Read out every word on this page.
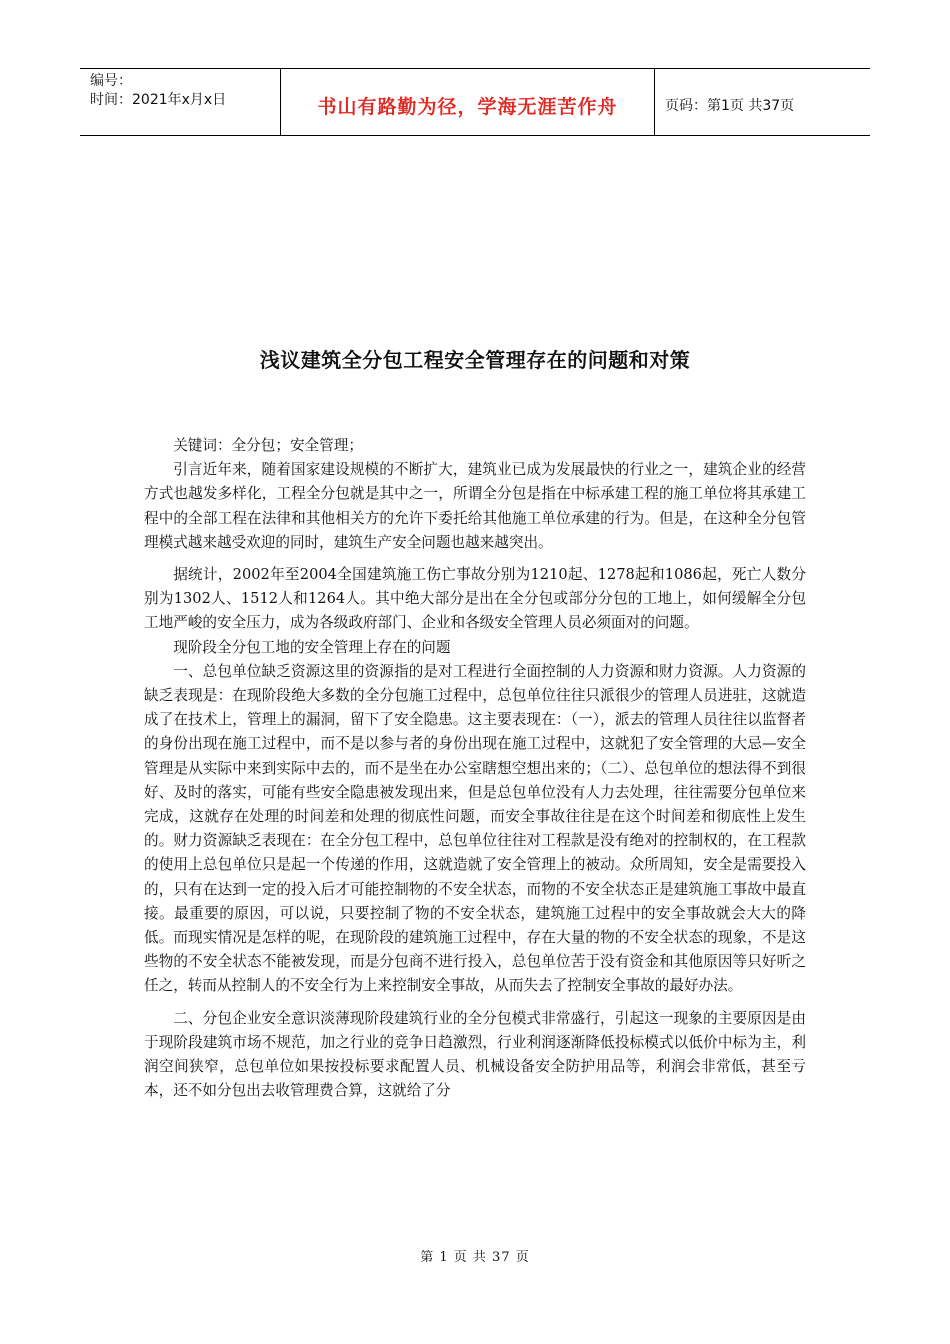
编号：
时间：2021年x月x日	书山有路勤为径，学海无涯苦作舟	页码：第1页 共37页
浅议建筑全分包工程安全管理存在的问题和对策

关键词：全分包；安全管理；

引言近年来，随着国家建设规模的不断扩大，建筑业已成为发展最快的行业之一，建筑企业的经营方式也越发多样化，工程全分包就是其中之一，所谓全分包是指在中标承建工程的施工单位将其承建工程中的全部工程在法律和其他相关方的允许下委托给其他施工单位承建的行为。但是，在这种全分包管理模式越来越受欢迎的同时，建筑生产安全问题也越来越突出。

据统计，2002年至2004全国建筑施工伤亡事故分别为1210起、1278起和1086起，死亡人数分别为1302人、1512人和1264人。其中绝大部分是出在全分包或部分分包的工地上，如何缓解全分包工地严峻的安全压力，成为各级政府部门、企业和各级安全管理人员必须面对的问题。

现阶段全分包工地的安全管理上存在的问题

一、总包单位缺乏资源这里的资源指的是对工程进行全面控制的人力资源和财力资源。人力资源的缺乏表现是：在现阶段绝大多数的全分包施工过程中，总包单位往往只派很少的管理人员进驻，这就造成了在技术上，管理上的漏洞，留下了安全隐患。这主要表现在：（一），派去的管理人员往往以监督者的身份出现在施工过程中，而不是以参与者的身份出现在施工过程中，这就犯了安全管理的大忌—安全管理是从实际中来到实际中去的，而不是坐在办公室瞎想空想出来的；（二）、总包单位的想法得不到很好、及时的落实，可能有些安全隐患被发现出来，但是总包单位没有人力去处理，往往需要分包单位来完成，这就存在处理的时间差和处理的彻底性问题，而安全事故往往是在这个时间差和彻底性上发生的。财力资源缺乏表现在：在全分包工程中，总包单位往往对工程款是没有绝对的控制权的，在工程款的使用上总包单位只是起一个传递的作用，这就造就了安全管理上的被动。众所周知，安全是需要投入的，只有在达到一定的投入后才可能控制物的不安全状态，而物的不安全状态正是建筑施工事故中最直接。最重要的原因，可以说，只要控制了物的不安全状态，建筑施工过程中的安全事故就会大大的降低。而现实情况是怎样的呢，在现阶段的建筑施工过程中，存在大量的物的不安全状态的现象，不是这些物的不安全状态不能被发现，而是分包商不进行投入，总包单位苦于没有资金和其他原因等只好听之任之，转而从控制人的不安全行为上来控制安全事故，从而失去了控制安全事故的最好办法。

二、分包企业安全意识淡薄现阶段建筑行业的全分包模式非常盛行，引起这一现象的主要原因是由于现阶段建筑市场不规范，加之行业的竞争日趋激烈，行业利润逐渐降低投标模式以低价中标为主，利润空间狭窄，总包单位如果按投标要求配置人员、机械设备安全防护用品等，利润会非常低，甚至亏本，还不如分包出去收管理费合算，这就给了分

第 1 页 共 37 页
